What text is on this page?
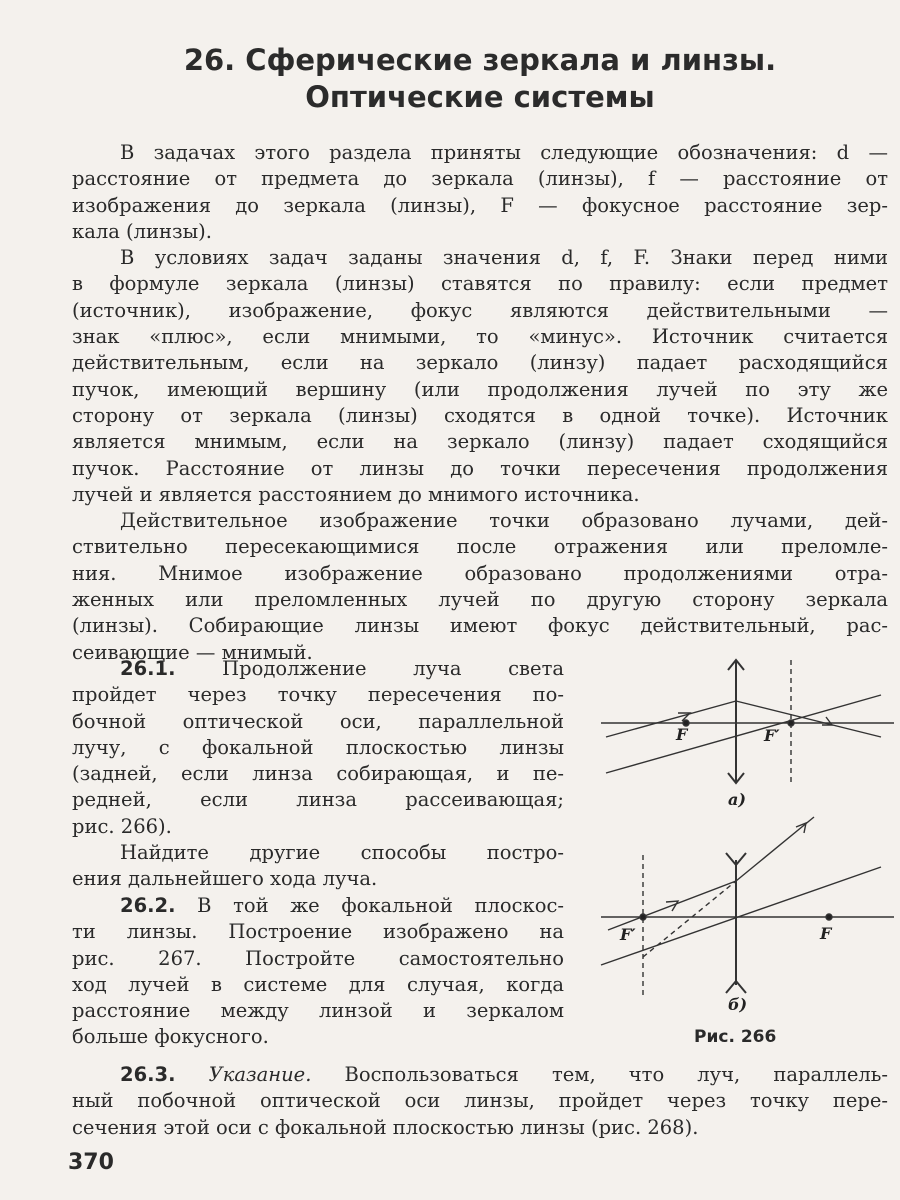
26. Сферические зеркала и линзы.
Оптические системы
В задачах этого раздела приняты следующие обозначения: d —
расстояние от предмета до зеркала (линзы), f — расстояние от
изображения до зеркала (линзы), F — фокусное расстояние зер-
кала (линзы).
В условиях задач заданы значения d, f, F. Знаки перед ними
в формуле зеркала (линзы) ставятся по правилу: если предмет
(источник), изображение, фокус являются действительными —
знак «плюс», если мнимыми, то «минус». Источник считается
действительным, если на зеркало (линзу) падает расходящийся
пучок, имеющий вершину (или продолжения лучей по эту же
сторону от зеркала (линзы) сходятся в одной точке). Источник
является мнимым, если на зеркало (линзу) падает сходящийся
пучок. Расстояние от линзы до точки пересечения продолжения
лучей и является расстоянием до мнимого источника.
Действительное изображение точки образовано лучами, дей-
ствительно пересекающимися после отражения или преломле-
ния. Мнимое изображение образовано продолжениями отра-
женных или преломленных лучей по другую сторону зеркала
(линзы). Собирающие линзы имеют фокус действительный, рас-
сеивающие — мнимый.
26.1. Продолжение луча света
пройдет через точку пересечения по-
бочной оптической оси, параллельной
лучу, с фокальной плоскостью линзы
(задней, если линза собирающая, и пе-
редней, если линза рассеивающая;
рис. 266).
Найдите другие способы постро-
ения дальнейшего хода луча.
26.2. В той же фокальной плоскос-
ти линзы. Построение изображено на
рис. 267. Постройте самостоятельно
ход лучей в системе для случая, когда
расстояние между линзой и зеркалом
больше фокусного.
26.3. Указание. Воспользоваться тем, что луч, параллель-
ный побочной оптической оси линзы, пройдет через точку пере-
сечения этой оси с фокальной плоскостью линзы (рис. 268).
F	F′
а)
F′	F
б)
Рис. 266
370
